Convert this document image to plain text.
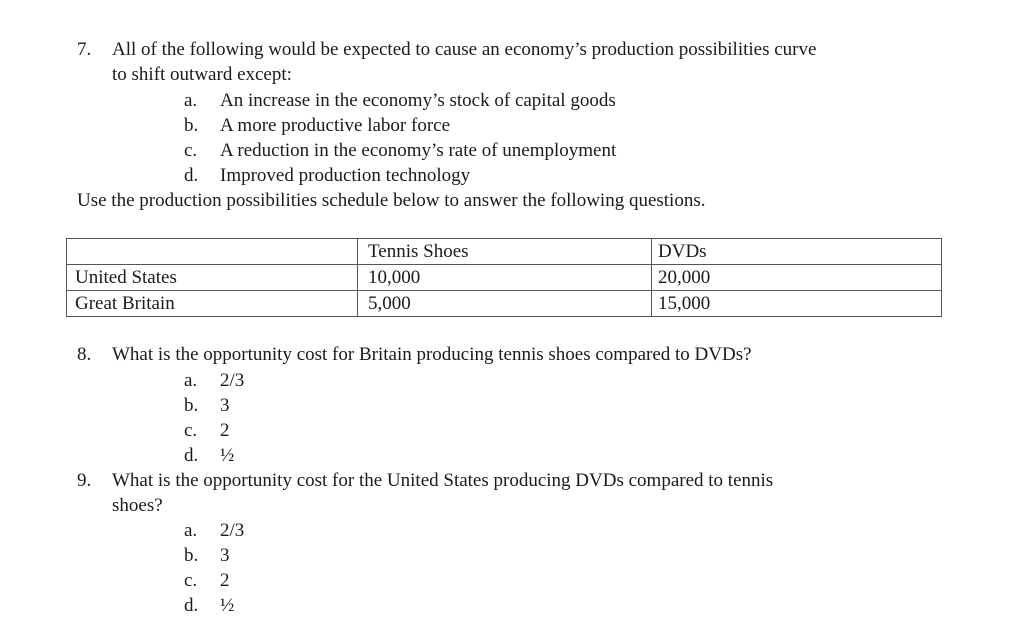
7. All of the following would be expected to cause an economy’s production possibilities curve
to shift outward except:
a. An increase in the economy’s stock of capital goods
b. A more productive labor force
c. A reduction in the economy’s rate of unemployment
d. Improved production technology
Use the production possibilities schedule below to answer the following questions.
	Tennis Shoes	DVDs
United States	10,000	20,000
Great Britain	5,000	15,000
8. What is the opportunity cost for Britain producing tennis shoes compared to DVDs?
a. 2/3
b. 3
c. 2
d. ½
9. What is the opportunity cost for the United States producing DVDs compared to tennis
shoes?
a. 2/3
b. 3
c. 2
d. ½
